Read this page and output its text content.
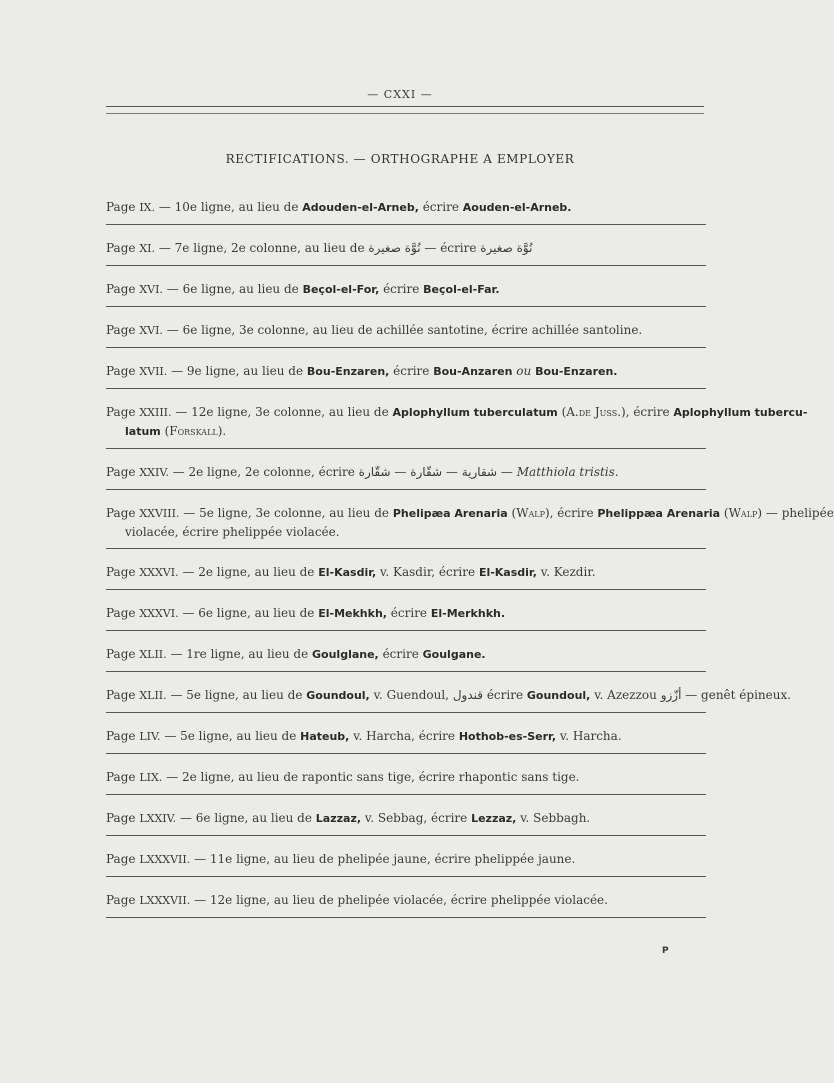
— CXXI —
RECTIFICATIONS. — ORTHOGRAPHE A EMPLOYER
Page IX. — 10e ligne, au lieu de Adouden-el-Arneb, écrire Aouden-el-Arneb.
Page XI. — 7e ligne, 2e colonne, au lieu de نُوَّة صغيرة — écrire نُوَّة صغيرة
Page XVI. — 6e ligne, au lieu de Beçol-el-For, écrire Beçol-el-Far.
Page XVI. — 6e ligne, 3e colonne, au lieu de achillée santotine, écrire achillée santoline.
Page XVII. — 9e ligne, au lieu de Bou-Enzaren, écrire Bou-Anzaren ou Bou-Enzaren.
Page XXIII. — 12e ligne, 3e colonne, au lieu de Aplophyllum tuberculatum (A.de Juss.), écrire Aplophyllum tubercu-
latum (Forskall).
Page XXIV. — 2e ligne, 2e colonne, écrire	شقارية — شقّارة — شقّارة	— Matthiola tristis.
Page XXVIII. — 5e ligne, 3e colonne, au lieu de Phelipæa Arenaria (Walp), écrire Phelippæa Arenaria (Walp) — phelipée
violacée, écrire phelippée violacée.
Page XXXVI. — 2e ligne, au lieu de El-Kasdir, v. Kasdir, écrire El-Kasdir, v. Kezdir.
Page XXXVI. — 6e ligne, au lieu de El-Mekhkh, écrire El-Merkhkh.
Page XLII. — 1re ligne, au lieu de Goulglane, écrire Goulgane.
Page XLII. — 5e ligne, au lieu de Goundoul, v. Guendoul, قندول écrire Goundoul, v. Azezzou أزّزو — genêt épineux.
Page LIV. — 5e ligne, au lieu de Hateub, v. Harcha, écrire Hothob-es-Serr, v. Harcha.
Page LIX. — 2e ligne, au lieu de rapontic sans tige, écrire rhapontic sans tige.
Page LXXIV. — 6e ligne, au lieu de Lazzaz, v. Sebbag, écrire Lezzaz, v. Sebbagh.
Page LXXXVII. — 11e ligne, au lieu de phelipée jaune, écrire phelippée jaune.
Page LXXXVII. — 12e ligne, au lieu de phelipée violacée, écrire phelippée violacée.
P
